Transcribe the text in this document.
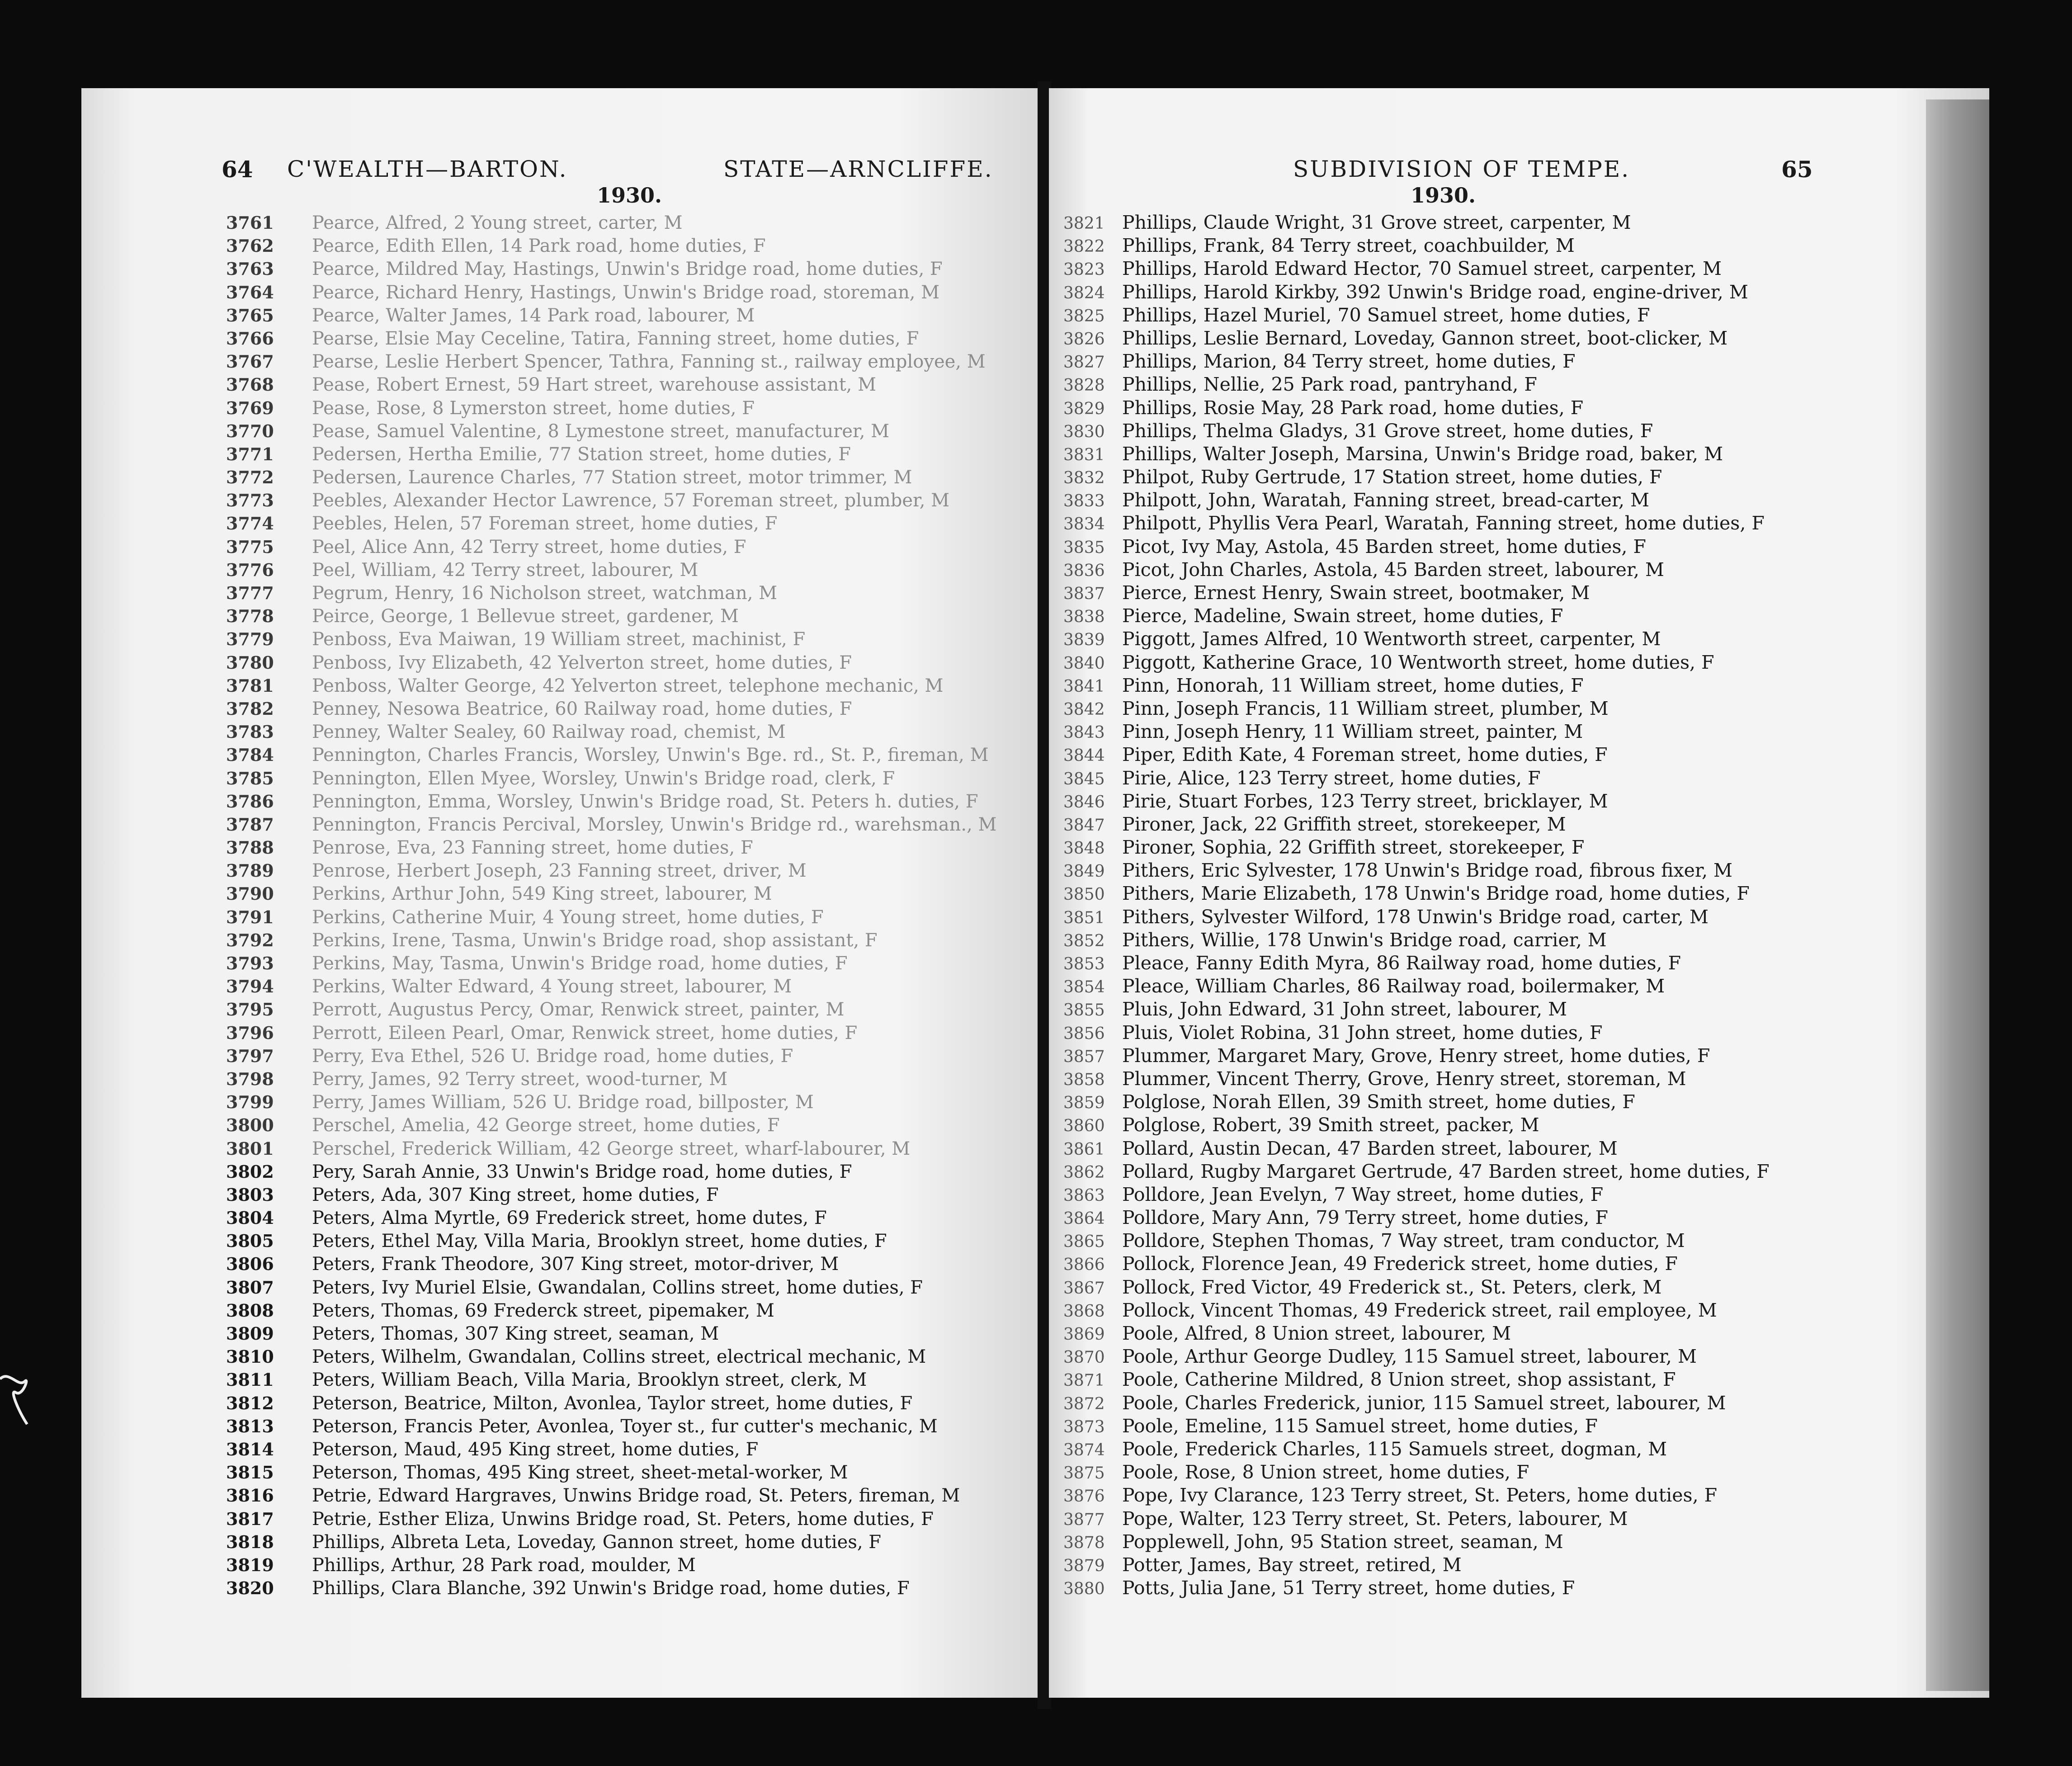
64 C'WEALTH—BARTON.	STATE—ARNCLIFFE.
1930.
3761 Pearce, Alfred, 2 Young street, carter, M
3762 Pearce, Edith Ellen, 14 Park road, home duties, F
3763 Pearce, Mildred May, Hastings, Unwin's Bridge road, home duties, F
3764 Pearce, Richard Henry, Hastings, Unwin's Bridge road, storeman, M
3765 Pearce, Walter James, 14 Park road, labourer, M
3766 Pearse, Elsie May Ceceline, Tatira, Fanning street, home duties, F
3767 Pearse, Leslie Herbert Spencer, Tathra, Fanning st., railway employee, M
3768 Pease, Robert Ernest, 59 Hart street, warehouse assistant, M
3769 Pease, Rose, 8 Lymerston street, home duties, F
3770 Pease, Samuel Valentine, 8 Lymestone street, manufacturer, M
3771 Pedersen, Hertha Emilie, 77 Station street, home duties, F
3772 Pedersen, Laurence Charles, 77 Station street, motor trimmer, M
3773 Peebles, Alexander Hector Lawrence, 57 Foreman street, plumber, M
3774 Peebles, Helen, 57 Foreman street, home duties, F
3775 Peel, Alice Ann, 42 Terry street, home duties, F
3776 Peel, William, 42 Terry street, labourer, M
3777 Pegrum, Henry, 16 Nicholson street, watchman, M
3778 Peirce, George, 1 Bellevue street, gardener, M
3779 Penboss, Eva Maiwan, 19 William street, machinist, F
3780 Penboss, Ivy Elizabeth, 42 Yelverton street, home duties, F
3781 Penboss, Walter George, 42 Yelverton street, telephone mechanic, M
3782 Penney, Nesowa Beatrice, 60 Railway road, home duties, F
3783 Penney, Walter Sealey, 60 Railway road, chemist, M
3784 Pennington, Charles Francis, Worsley, Unwin's Bge. rd., St. P., fireman, M
3785 Pennington, Ellen Myee, Worsley, Unwin's Bridge road, clerk, F
3786 Pennington, Emma, Worsley, Unwin's Bridge road, St. Peters h. duties, F
3787 Pennington, Francis Percival, Morsley, Unwin's Bridge rd., warehsman., M
3788 Penrose, Eva, 23 Fanning street, home duties, F
3789 Penrose, Herbert Joseph, 23 Fanning street, driver, M
3790 Perkins, Arthur John, 549 King street, labourer, M
3791 Perkins, Catherine Muir, 4 Young street, home duties, F
3792 Perkins, Irene, Tasma, Unwin's Bridge road, shop assistant, F
3793 Perkins, May, Tasma, Unwin's Bridge road, home duties, F
3794 Perkins, Walter Edward, 4 Young street, labourer, M
3795 Perrott, Augustus Percy, Omar, Renwick street, painter, M
3796 Perrott, Eileen Pearl, Omar, Renwick street, home duties, F
3797 Perry, Eva Ethel, 526 U. Bridge road, home duties, F
3798 Perry, James, 92 Terry street, wood-turner, M
3799 Perry, James William, 526 U. Bridge road, billposter, M
3800 Perschel, Amelia, 42 George street, home duties, F
3801 Perschel, Frederick William, 42 George street, wharf-labourer, M
3802 Pery, Sarah Annie, 33 Unwin's Bridge road, home duties, F
3803 Peters, Ada, 307 King street, home duties, F
3804 Peters, Alma Myrtle, 69 Frederick street, home dutes, F
3805 Peters, Ethel May, Villa Maria, Brooklyn street, home duties, F
3806 Peters, Frank Theodore, 307 King street, motor-driver, M
3807 Peters, Ivy Muriel Elsie, Gwandalan, Collins street, home duties, F
3808 Peters, Thomas, 69 Frederck street, pipemaker, M
3809 Peters, Thomas, 307 King street, seaman, M
3810 Peters, Wilhelm, Gwandalan, Collins street, electrical mechanic, M
3811 Peters, William Beach, Villa Maria, Brooklyn street, clerk, M
3812 Peterson, Beatrice, Milton, Avonlea, Taylor street, home duties, F
3813 Peterson, Francis Peter, Avonlea, Toyer st., fur cutter's mechanic, M
3814 Peterson, Maud, 495 King street, home duties, F
3815 Peterson, Thomas, 495 King street, sheet-metal-worker, M
3816 Petrie, Edward Hargraves, Unwins Bridge road, St. Peters, fireman, M
3817 Petrie, Esther Eliza, Unwins Bridge road, St. Peters, home duties, F
3818 Phillips, Albreta Leta, Loveday, Gannon street, home duties, F
3819 Phillips, Arthur, 28 Park road, moulder, M
3820 Phillips, Clara Blanche, 392 Unwin's Bridge road, home duties, F
SUBDIVISION OF TEMPE.	65
1930.
3821 Phillips, Claude Wright, 31 Grove street, carpenter, M
3822 Phillips, Frank, 84 Terry street, coachbuilder, M
3823 Phillips, Harold Edward Hector, 70 Samuel street, carpenter, M
3824 Phillips, Harold Kirkby, 392 Unwin's Bridge road, engine-driver, M
3825 Phillips, Hazel Muriel, 70 Samuel street, home duties, F
3826 Phillips, Leslie Bernard, Loveday, Gannon street, boot-clicker, M
3827 Phillips, Marion, 84 Terry street, home duties, F
3828 Phillips, Nellie, 25 Park road, pantryhand, F
3829 Phillips, Rosie May, 28 Park road, home duties, F
3830 Phillips, Thelma Gladys, 31 Grove street, home duties, F
3831 Phillips, Walter Joseph, Marsina, Unwin's Bridge road, baker, M
3832 Philpot, Ruby Gertrude, 17 Station street, home duties, F
3833 Philpott, John, Waratah, Fanning street, bread-carter, M
3834 Philpott, Phyllis Vera Pearl, Waratah, Fanning street, home duties, F
3835 Picot, Ivy May, Astola, 45 Barden street, home duties, F
3836 Picot, John Charles, Astola, 45 Barden street, labourer, M
3837 Pierce, Ernest Henry, Swain street, bootmaker, M
3838 Pierce, Madeline, Swain street, home duties, F
3839 Piggott, James Alfred, 10 Wentworth street, carpenter, M
3840 Piggott, Katherine Grace, 10 Wentworth street, home duties, F
3841 Pinn, Honorah, 11 William street, home duties, F
3842 Pinn, Joseph Francis, 11 William street, plumber, M
3843 Pinn, Joseph Henry, 11 William street, painter, M
3844 Piper, Edith Kate, 4 Foreman street, home duties, F
3845 Pirie, Alice, 123 Terry street, home duties, F
3846 Pirie, Stuart Forbes, 123 Terry street, bricklayer, M
3847 Pironer, Jack, 22 Griffith street, storekeeper, M
3848 Pironer, Sophia, 22 Griffith street, storekeeper, F
3849 Pithers, Eric Sylvester, 178 Unwin's Bridge road, fibrous fixer, M
3850 Pithers, Marie Elizabeth, 178 Unwin's Bridge road, home duties, F
3851 Pithers, Sylvester Wilford, 178 Unwin's Bridge road, carter, M
3852 Pithers, Willie, 178 Unwin's Bridge road, carrier, M
3853 Pleace, Fanny Edith Myra, 86 Railway road, home duties, F
3854 Pleace, William Charles, 86 Railway road, boilermaker, M
3855 Pluis, John Edward, 31 John street, labourer, M
3856 Pluis, Violet Robina, 31 John street, home duties, F
3857 Plummer, Margaret Mary, Grove, Henry street, home duties, F
3858 Plummer, Vincent Therry, Grove, Henry street, storeman, M
3859 Polglose, Norah Ellen, 39 Smith street, home duties, F
3860 Polglose, Robert, 39 Smith street, packer, M
3861 Pollard, Austin Decan, 47 Barden street, labourer, M
3862 Pollard, Rugby Margaret Gertrude, 47 Barden street, home duties, F
3863 Polldore, Jean Evelyn, 7 Way street, home duties, F
3864 Polldore, Mary Ann, 79 Terry street, home duties, F
3865 Polldore, Stephen Thomas, 7 Way street, tram conductor, M
3866 Pollock, Florence Jean, 49 Frederick street, home duties, F
3867 Pollock, Fred Victor, 49 Frederick st., St. Peters, clerk, M
3868 Pollock, Vincent Thomas, 49 Frederick street, rail employee, M
3869 Poole, Alfred, 8 Union street, labourer, M
3870 Poole, Arthur George Dudley, 115 Samuel street, labourer, M
3871 Poole, Catherine Mildred, 8 Union street, shop assistant, F
3872 Poole, Charles Frederick, junior, 115 Samuel street, labourer, M
3873 Poole, Emeline, 115 Samuel street, home duties, F
3874 Poole, Frederick Charles, 115 Samuels street, dogman, M
3875 Poole, Rose, 8 Union street, home duties, F
3876 Pope, Ivy Clarance, 123 Terry street, St. Peters, home duties, F
3877 Pope, Walter, 123 Terry street, St. Peters, labourer, M
3878 Popplewell, John, 95 Station street, seaman, M
3879 Potter, James, Bay street, retired, M
3880 Potts, Julia Jane, 51 Terry street, home duties, F
